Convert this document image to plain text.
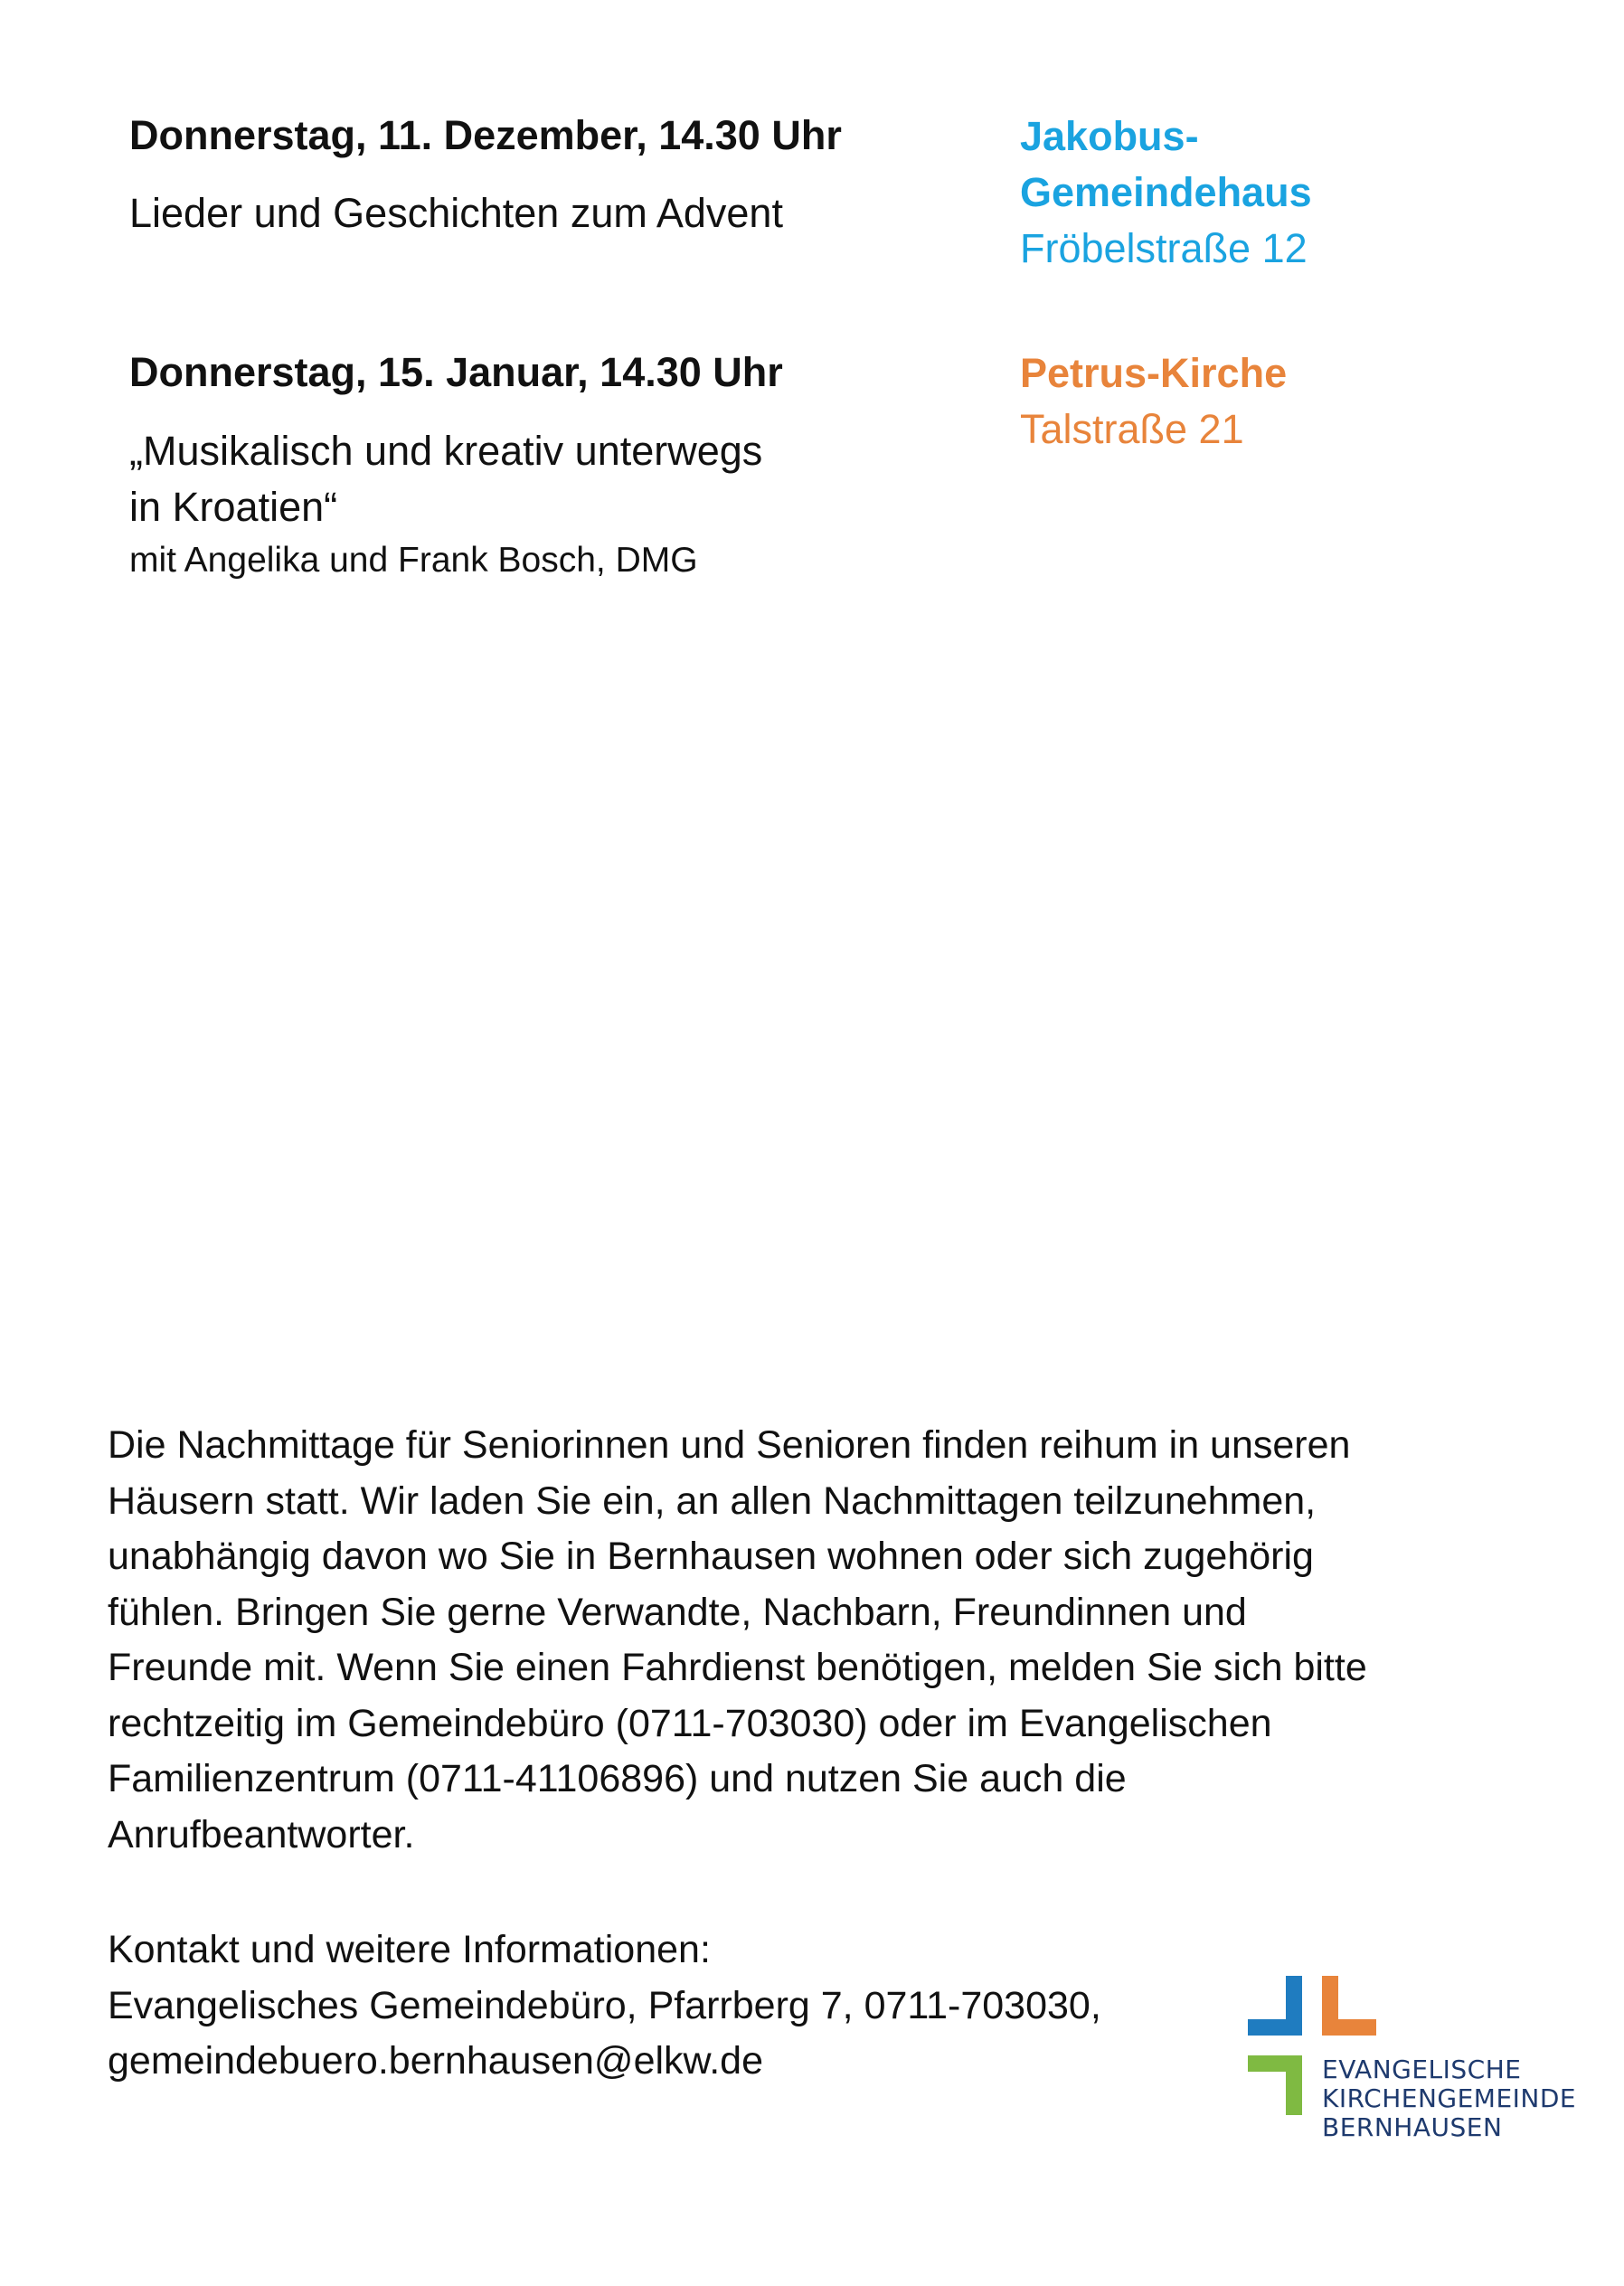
Donnerstag, 11. Dezember, 14.30 Uhr
Lieder und Geschichten zum Advent
Jakobus-
Gemeindehaus
Fröbelstraße 12
Donnerstag, 15. Januar, 14.30 Uhr
„Musikalisch und kreativ unterwegs
in Kroatien“
mit Angelika und Frank Bosch, DMG
Petrus-Kirche
Talstraße 21
Die Nachmittage für Seniorinnen und Senioren finden reihum in unseren
Häusern statt. Wir laden Sie ein, an allen Nachmittagen teilzunehmen,
unabhängig davon wo Sie in Bernhausen wohnen oder sich zugehörig
fühlen. Bringen Sie gerne Verwandte, Nachbarn, Freundinnen und
Freunde mit. Wenn Sie einen Fahrdienst benötigen, melden Sie sich bitte
rechtzeitig im Gemeindebüro (0711-703030) oder im Evangelischen
Familienzentrum (0711-41106896) und nutzen Sie auch die
Anrufbeantworter.
Kontakt und weitere Informationen:
Evangelisches Gemeindebüro, Pfarrberg 7, 0711-703030,
gemeindebuero.bernhausen@elkw.de	EVANGELISCHE
KIRCHENGEMEINDE
BERNHAUSEN
